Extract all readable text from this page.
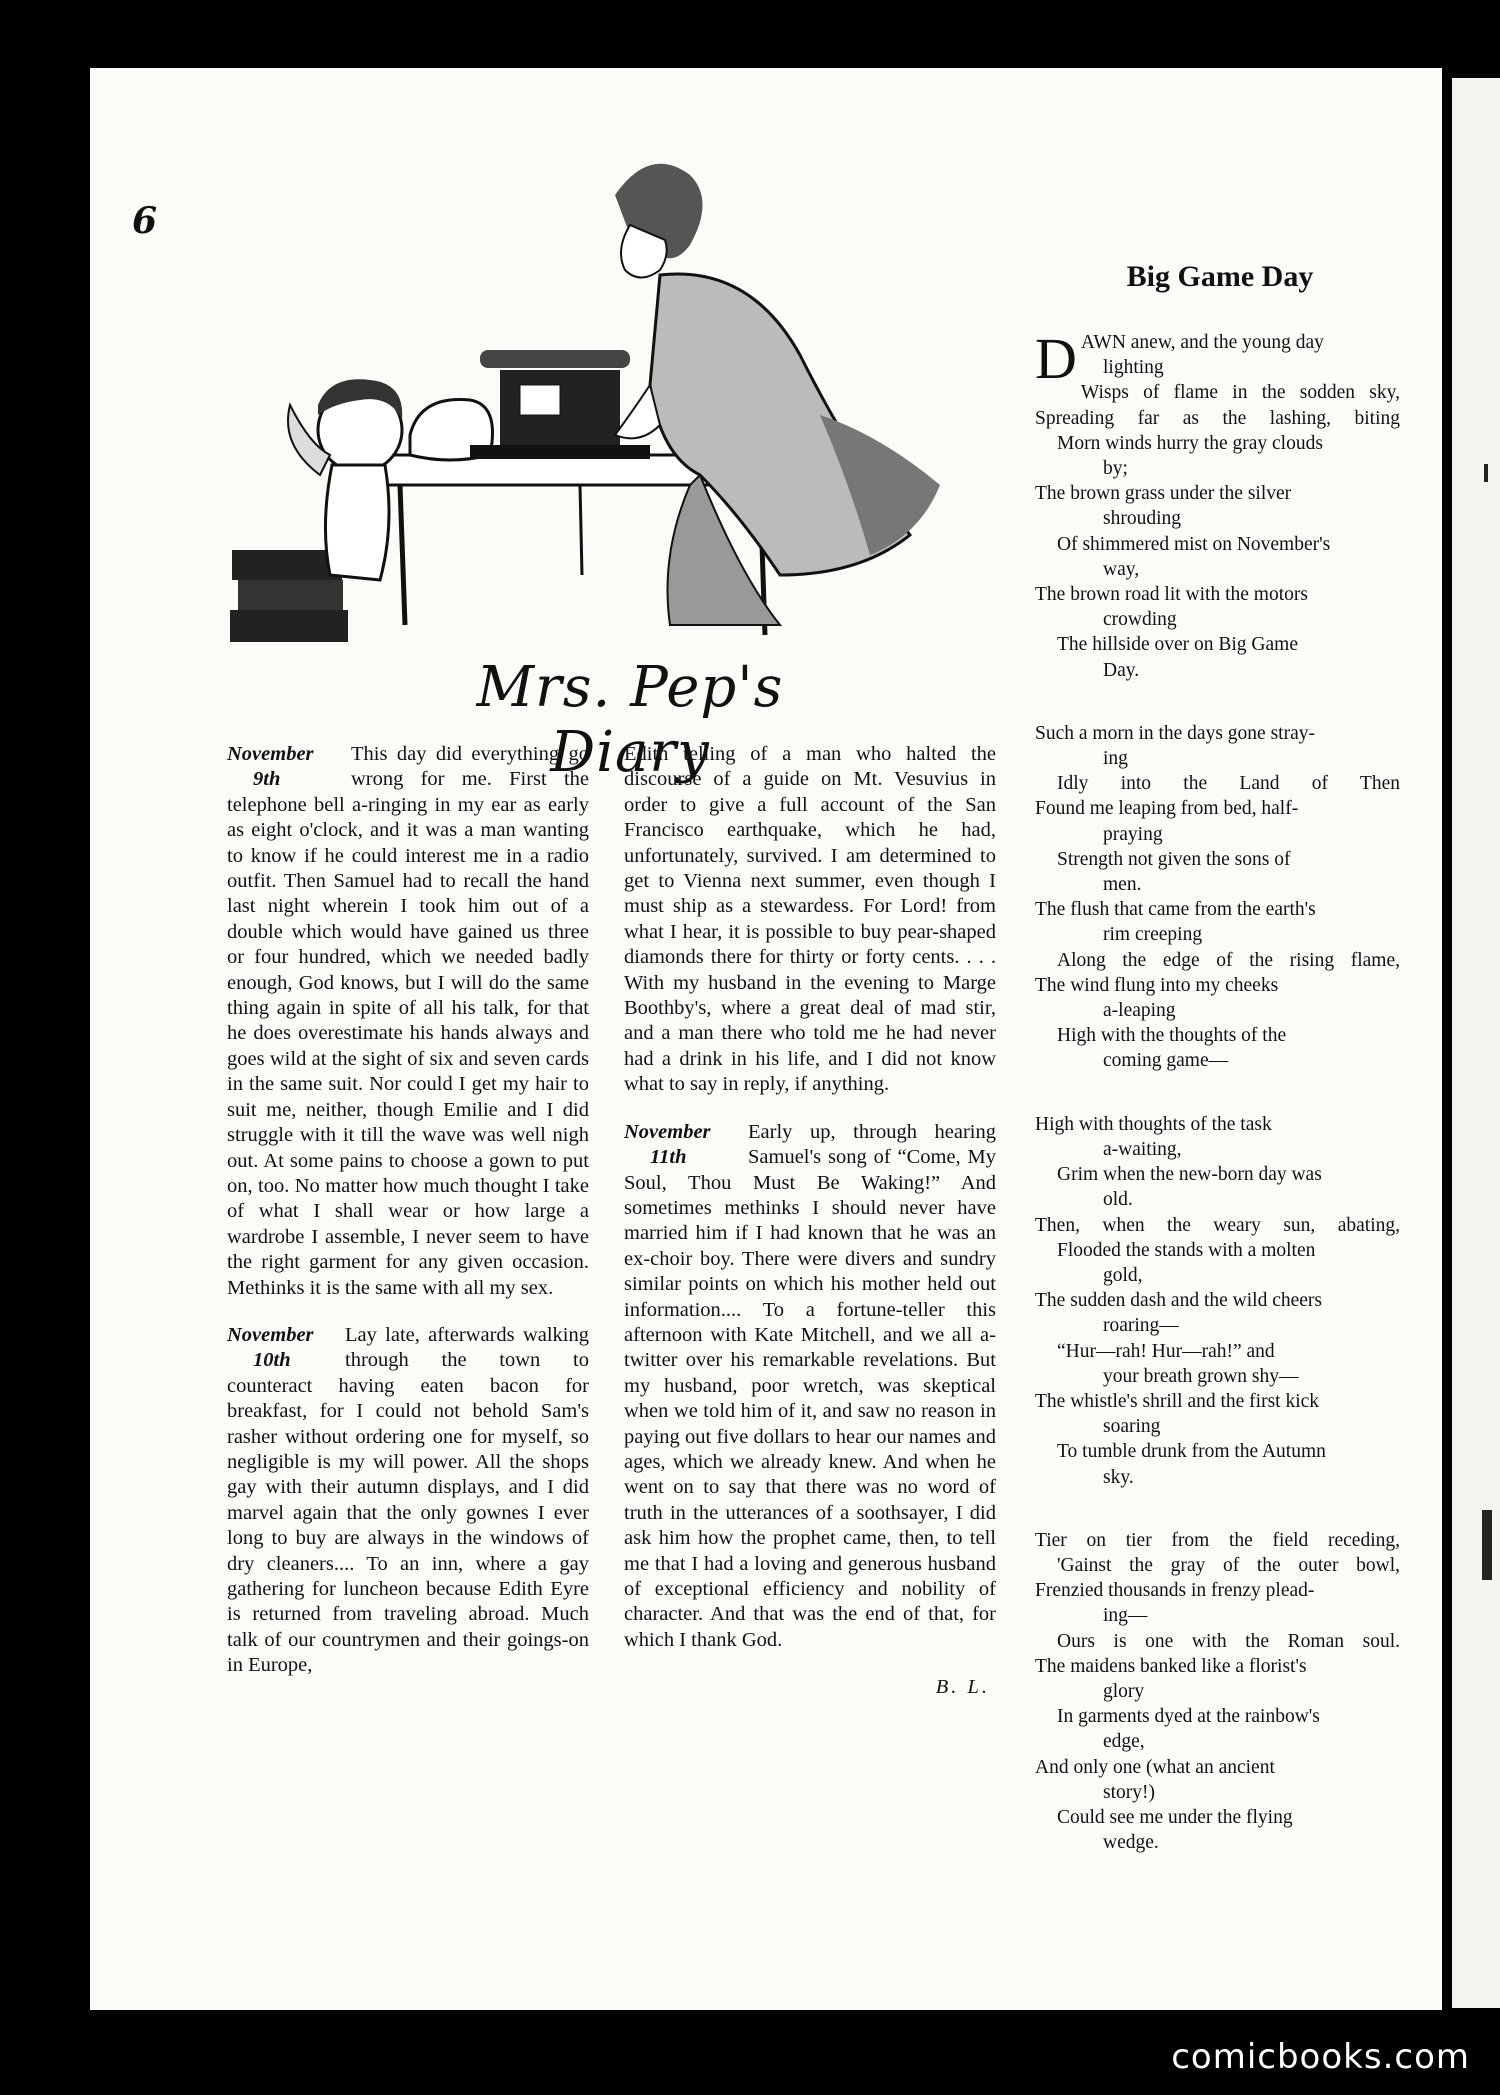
6
Mrs. Pep's Diary
November
9th

This day did everything go wrong for me. First the telephone bell a-ringing in my ear as early as eight o'clock, and it was a man wanting to know if he could interest me in a radio outfit. Then Samuel had to recall the hand last night wherein I took him out of a double which would have gained us three or four hundred, which we needed badly enough, God knows, but I will do the same thing again in spite of all his talk, for that he does overestimate his hands always and goes wild at the sight of six and seven cards in the same suit. Nor could I get my hair to suit me, neither, though Emilie and I did struggle with it till the wave was well nigh out. At some pains to choose a gown to put on, too. No matter how much thought I take of what I shall wear or how large a wardrobe I assemble, I never seem to have the right garment for any given occasion. Methinks it is the same with all my sex.

November
10th

Lay late, afterwards walking through the town to counteract having eaten bacon for breakfast, for I could not behold Sam's rasher without ordering one for myself, so negligible is my will power. All the shops gay with their autumn displays, and I did marvel again that the only gownes I ever long to buy are always in the windows of dry cleaners.... To an inn, where a gay gathering for luncheon because Edith Eyre is returned from traveling abroad. Much talk of our countrymen and their goings-on in Europe,

Edith telling of a man who halted the discourse of a guide on Mt. Vesuvius in order to give a full account of the San Francisco earthquake, which he had, unfortunately, survived. I am determined to get to Vienna next summer, even though I must ship as a stewardess. For Lord! from what I hear, it is possible to buy pear-shaped diamonds there for thirty or forty cents. . . . With my husband in the evening to Marge Boothby's, where a great deal of mad stir, and a man there who told me he had never had a drink in his life, and I did not know what to say in reply, if anything.

November
11th

Early up, through hearing Samuel's song of “Come, My Soul, Thou Must Be Waking!” And sometimes methinks I should never have married him if I had known that he was an ex-choir boy. There were divers and sundry similar points on which his mother held out information.... To a fortune-teller this afternoon with Kate Mitchell, and we all a-twitter over his remarkable revelations. But my husband, poor wretch, was skeptical when we told him of it, and saw no reason in paying out five dollars to hear our names and ages, which we already knew. And when he went on to say that there was no word of truth in the utterances of a soothsayer, I did ask him how the prophet came, then, to tell me that I had a loving and generous husband of exceptional efficiency and nobility of character. And that was the end of that, for which I thank God.

B. L.
Big Game Day
D AWN anew, and the young day
lighting
Wisps of flame in the sodden sky,
Spreading far as the lashing, biting
Morn winds hurry the gray clouds
by;
The brown grass under the silver
shrouding
Of shimmered mist on November's
way,
The brown road lit with the motors
crowding
The hillside over on Big Game
Day.
Such a morn in the days gone stray-
ing
Idly into the Land of Then
Found me leaping from bed, half-
praying
Strength not given the sons of
men.
The flush that came from the earth's
rim creeping
Along the edge of the rising flame,
The wind flung into my cheeks
a-leaping
High with the thoughts of the
coming game—
High with thoughts of the task
a-waiting,
Grim when the new-born day was
old.
Then, when the weary sun, abating,
Flooded the stands with a molten
gold,
The sudden dash and the wild cheers
roaring—
“Hur—rah! Hur—rah!” and
your breath grown shy—
The whistle's shrill and the first kick
soaring
To tumble drunk from the Autumn
sky.
Tier on tier from the field receding,
'Gainst the gray of the outer bowl,
Frenzied thousands in frenzy plead-
ing—
Ours is one with the Roman soul.
The maidens banked like a florist's
glory
In garments dyed at the rainbow's
edge,
And only one (what an ancient
story!)
Could see me under the flying
wedge.
comicbooks.com
